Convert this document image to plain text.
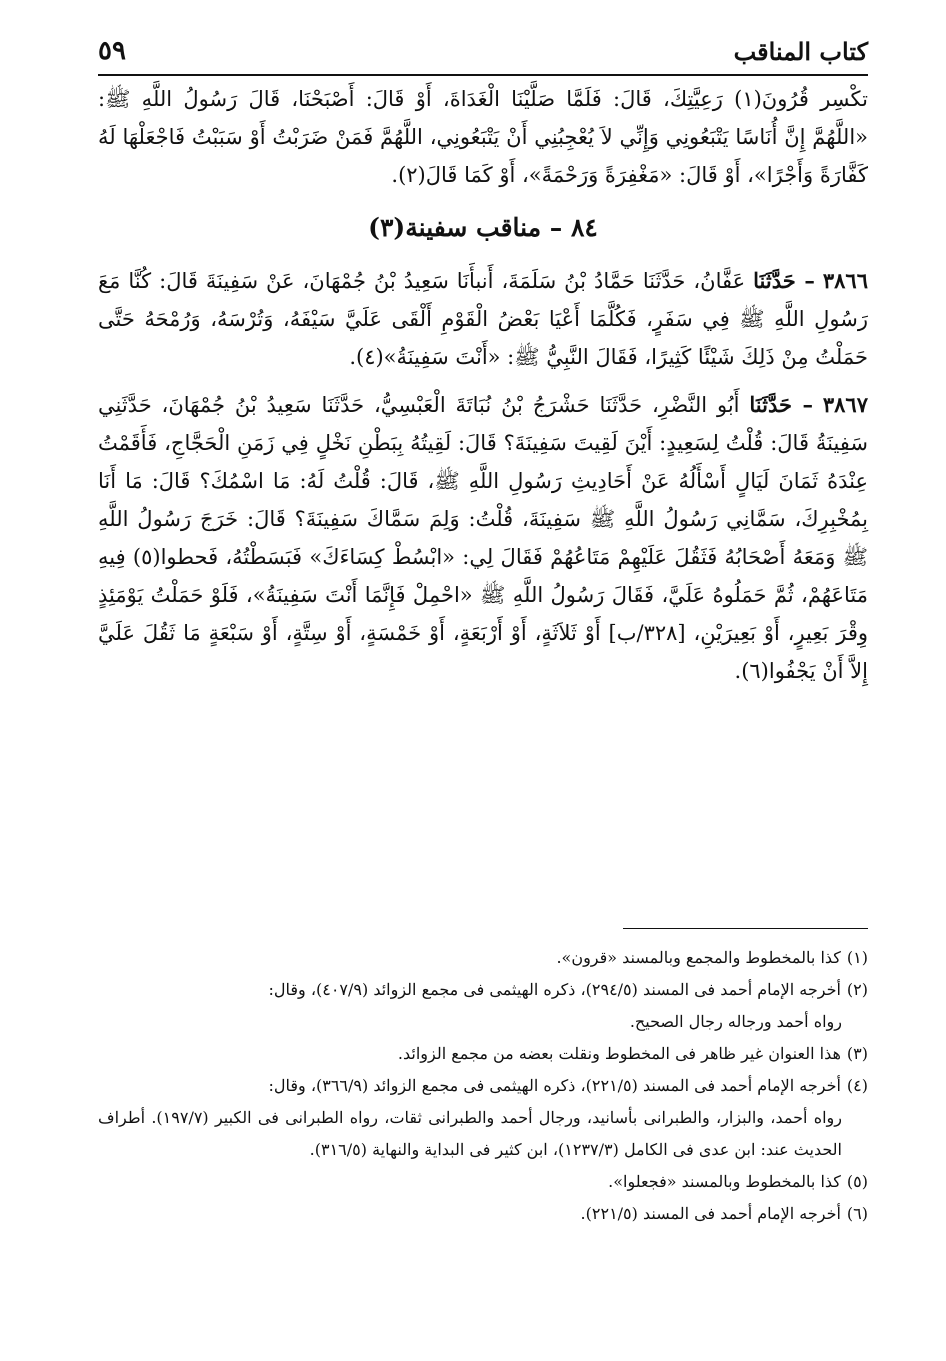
كتاب المناقب
٥٩

تكْسِر قُرُونَ(١) رَعِيَّتِكَ، قَالَ: فَلَمَّا صَلَّيْنَا الْغَدَاةَ، أَوْ قَالَ: أَصْبَحْنَا، قَالَ رَسُولُ اللَّهِ ﷺ: «اللَّهُمَّ إِنَّ أُنَاسًا يَتْبَعُونِي وَإِنِّي لاَ يُعْجِبُنِي أَنْ يَتْبَعُونِي، اللَّهُمَّ فَمَنْ ضَرَبْتُ أَوْ سَبَبْتُ فَاجْعَلْهَا لَهُ كَفَّارَةً وَأَجْرًا»، أَوْ قَالَ: «مَغْفِرَةً وَرَحْمَةً»، أَوْ كَمَا قَالَ(٢).

٨٤ – مناقب سفينة(٣)

٣٨٦٦ – حَدَّثَنَا عَفَّانُ، حَدَّثَنَا حَمَّادُ بْنُ سَلَمَةَ، أَنبأَنَا سَعِيدُ بْنُ جُمْهَانَ، عَنْ سَفِينَةَ قَالَ: كُنَّا مَعَ رَسُولِ اللَّهِ ﷺ فِي سَفَرٍ، فَكُلَّمَا أَعْيَا بَعْضُ الْقَوْمِ أَلْقَى عَلَيَّ سَيْفَهُ، وَتُرْسَهُ، وَرُمْحَهُ حَتَّى حَمَلْتُ مِنْ ذَلِكَ شَيْئًا كَثِيرًا، فَقَالَ النَّبِيُّ ﷺ: «أَنْتَ سَفِينَةُ»(٤).

٣٨٦٧ – حَدَّثَنَا أَبُو النَّضْرِ، حَدَّثَنَا حَشْرَجُ بْنُ نُبَاتَةَ الْعَبْسِيُّ، حَدَّثَنَا سَعِيدُ بْنُ جُمْهَانَ، حَدَّثَنِي سَفِينَةُ قَالَ: قُلْتُ لِسَعِيدٍ: أَيْنَ لَقِيتَ سَفِينَةَ؟ قَالَ: لَقِيتُهُ بِبَطْنِ نَخْلٍ فِي زَمَنِ الْحَجَّاجِ، فَأَقَمْتُ عِنْدَهُ ثَمَانَ لَيَالٍ أَسْأَلُهُ عَنْ أَحَادِيثِ رَسُولِ اللَّهِ ﷺ، قَالَ: قُلْتُ لَهُ: مَا اسْمُكَ؟ قَالَ: مَا أَنَا بِمُخْبِرِكَ، سَمَّانِي رَسُولُ اللَّهِ ﷺ سَفِينَةَ، قُلْتُ: وَلِمَ سَمَّاكَ سَفِينَةَ؟ قَالَ: خَرَجَ رَسُولُ اللَّهِ ﷺ وَمَعَهُ أَصْحَابُهُ فَثَقُلَ عَلَيْهِمْ مَتَاعُهُمْ فَقَالَ لِي: «ابْسُطْ كِسَاءَكَ» فَبَسَطْتُهُ، فَحطوا(٥) فِيهِ مَتَاعَهُمْ، ثُمَّ حَمَلُوهُ عَلَيَّ، فَقَالَ رَسُولُ اللَّهِ ﷺ «احْمِلْ فَإِنَّمَا أَنْتَ سَفِينَةُ»، فَلَوْ حَمَلْتُ يَوْمَئِذٍ وِقْرَ بَعِيرٍ، أَوْ بَعِيرَيْنِ، [٣٢٨/ب] أَوْ ثَلاَثَةٍ، أَوْ أَرْبَعَةٍ، أَوْ خَمْسَةٍ، أَوْ سِتَّةٍ، أَوْ سَبْعَةٍ مَا ثَقُلَ عَلَيَّ إِلاَّ أَنْ يَجْفُوا(٦).

(١)كذا بالمخطوط والمجمع وبالمسند «قرون».

(٢)أخرجه الإمام أحمد فى المسند (٢٩٤/٥)، ذكره الهيثمى فى مجمع الزوائد (٤٠٧/٩)، وقال:
رواه أحمد ورجاله رجال الصحيح.

(٣)هذا العنوان غير ظاهر فى المخطوط ونقلت بعضه من مجمع الزوائد.

(٤)أخرجه الإمام أحمد فى المسند (٢٢١/٥)، ذكره الهيثمى فى مجمع الزوائد (٣٦٦/٩)، وقال:
رواه أحمد، والبزار، والطبرانى بأسانيد، ورجال أحمد والطبرانى ثقات، رواه الطبرانى فى الكبير (١٩٧/٧). أطراف الحديث عند: ابن عدى فى الكامل (١٢٣٧/٣)، ابن كثير فى البداية والنهاية (٣١٦/٥).

(٥)كذا بالمخطوط وبالمسند «فجعلوا».

(٦)أخرجه الإمام أحمد فى المسند (٢٢١/٥).
